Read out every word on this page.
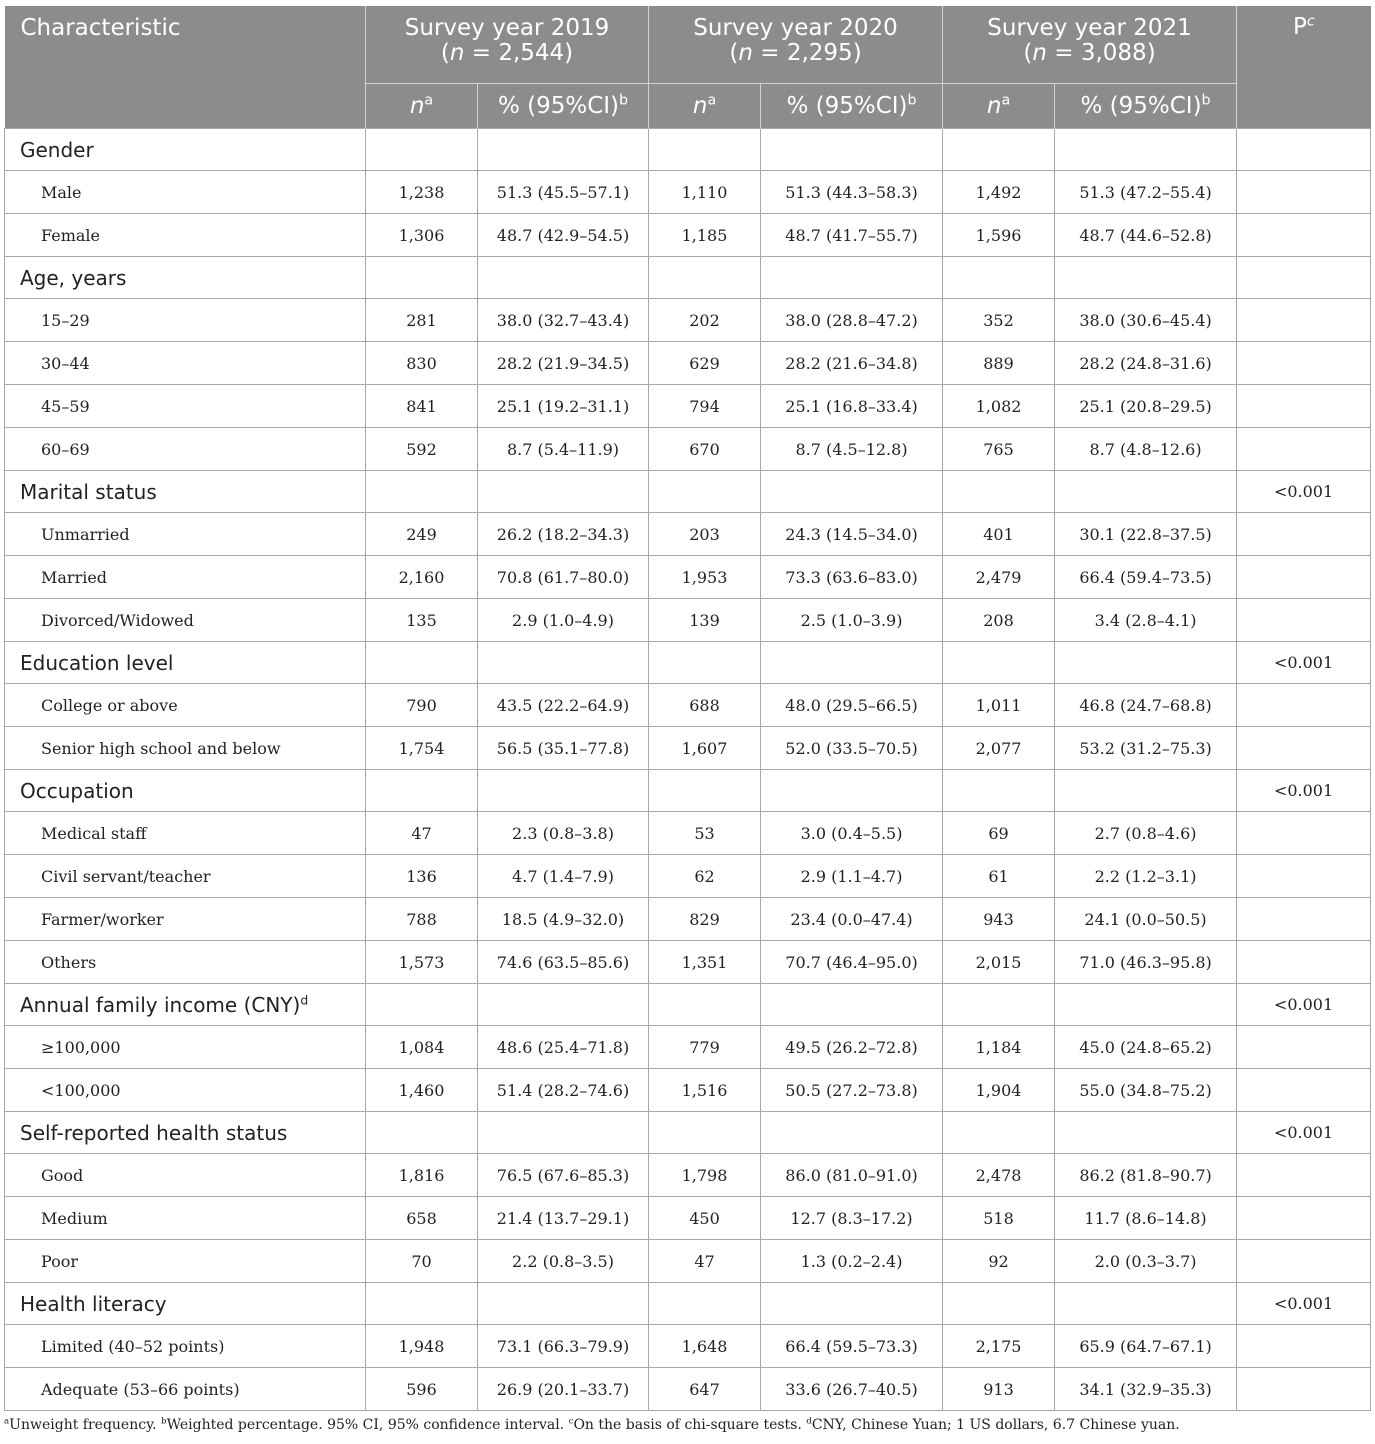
Characteristic	Survey year 2019
(n = 2,544)		Survey year 2020
(n = 2,295)		Survey year 2021
(n = 3,088)		$P^c$
	$n^a$	% $(95\%CI)^b$	$n^a$	% $(95\%CI)^b$	$n^a$	% $(95\%CI)^b$
Gender							
Male	1,238	51.3 (45.5–57.1)	1,110	51.3 (44.3–58.3)	1,492	51.3 (47.2–55.4)	
Female	1,306	48.7 (42.9–54.5)	1,185	48.7 (41.7–55.7)	1,596	48.7 (44.6–52.8)	
Age, years							
15–29	281	38.0 (32.7–43.4)	202	38.0 (28.8–47.2)	352	38.0 (30.6–45.4)	
30–44	830	28.2 (21.9–34.5)	629	28.2 (21.6–34.8)	889	28.2 (24.8–31.6)	
45–59	841	25.1 (19.2–31.1)	794	25.1 (16.8–33.4)	1,082	25.1 (20.8–29.5)	
60–69	592	8.7 (5.4–11.9)	670	8.7 (4.5–12.8)	765	8.7 (4.8–12.6)	
Marital status							<0.001
Unmarried	249	26.2 (18.2–34.3)	203	24.3 (14.5–34.0)	401	30.1 (22.8–37.5)	
Married	2,160	70.8 (61.7–80.0)	1,953	73.3 (63.6–83.0)	2,479	66.4 (59.4–73.5)	
Divorced/Widowed	135	2.9 (1.0–4.9)	139	2.5 (1.0–3.9)	208	3.4 (2.8–4.1)	
Education level							<0.001
College or above	790	43.5 (22.2–64.9)	688	48.0 (29.5–66.5)	1,011	46.8 (24.7–68.8)	
Senior high school and below	1,754	56.5 (35.1–77.8)	1,607	52.0 (33.5–70.5)	2,077	53.2 (31.2–75.3)	
Occupation							<0.001
Medical staff	47	2.3 (0.8–3.8)	53	3.0 (0.4–5.5)	69	2.7 (0.8–4.6)	
Civil servant/teacher	136	4.7 (1.4–7.9)	62	2.9 (1.1–4.7)	61	2.2 (1.2–3.1)	
Farmer/worker	788	18.5 (4.9–32.0)	829	23.4 (0.0–47.4)	943	24.1 (0.0–50.5)	
Others	1,573	74.6 (63.5–85.6)	1,351	70.7 (46.4–95.0)	2,015	71.0 (46.3–95.8)	
Annual family income (CNY)$^d$							<0.001
≥100,000	1,084	48.6 (25.4–71.8)	779	49.5 (26.2–72.8)	1,184	45.0 (24.8–65.2)	
<100,000	1,460	51.4 (28.2–74.6)	1,516	50.5 (27.2–73.8)	1,904	55.0 (34.8–75.2)	
Self-reported health status							<0.001
Good	1,816	76.5 (67.6–85.3)	1,798	86.0 (81.0–91.0)	2,478	86.2 (81.8–90.7)	
Medium	658	21.4 (13.7–29.1)	450	12.7 (8.3–17.2)	518	11.7 (8.6–14.8)	
Poor	70	2.2 (0.8–3.5)	47	1.3 (0.2–2.4)	92	2.0 (0.3–3.7)	
Health literacy							<0.001
Limited (40–52 points)	1,948	73.1 (66.3–79.9)	1,648	66.4 (59.5–73.3)	2,175	65.9 (64.7–67.1)	
Adequate (53–66 points)	596	26.9 (20.1–33.7)	647	33.6 (26.7–40.5)	913	34.1 (32.9–35.3)	
$^a$Unweight frequency. $^b$Weighted percentage. 95% CI, 95% confidence interval. $^c$On the basis of chi-square tests. $^d$CNY, Chinese Yuan; 1 US dollars, 6.7 Chinese yuan.
